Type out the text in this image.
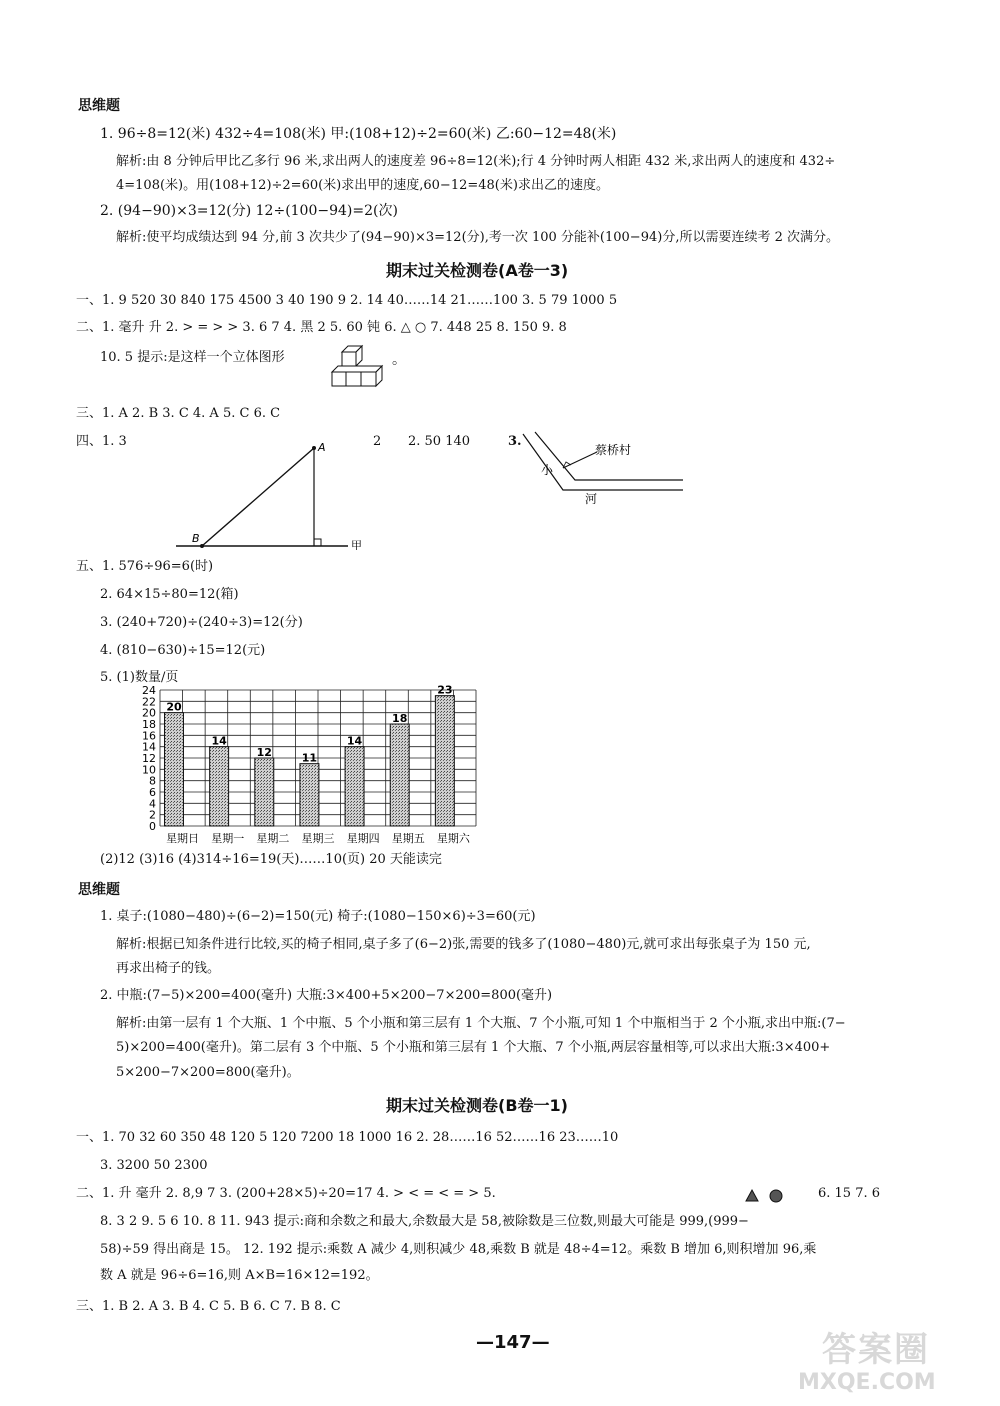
思维题
1. 96÷8=12(米) 432÷4=108(米) 甲:(108+12)÷2=60(米) 乙:60−12=48(米)
解析:由 8 分钟后甲比乙多行 96 米,求出两人的速度差 96÷8=12(米);行 4 分钟时两人相距 432 米,求出两人的速度和 432÷
4=108(米)。用(108+12)÷2=60(米)求出甲的速度,60−12=48(米)求出乙的速度。
2. (94−90)×3=12(分) 12÷(100−94)=2(次)
解析:使平均成绩达到 94 分,前 3 次共少了(94−90)×3=12(分),考一次 100 分能补(100−94)分,所以需要连续考 2 次满分。
期末过关检测卷(A卷一3)
一、1. 9 520 30 840 175 4500 3 40 190 9 2. 14 40……14 21……100 3. 5 79 1000 5
二、1. 毫升 升 2. > = > > 3. 6 7 4. 黑 2 5. 60 钝 6. △ ○ 7. 448 25 8. 150 9. 8
10. 5 提示:是这样一个立体图形	。
三、1. A 2. B 3. C 4. A 5. C 6. C
四、1. 3	A
B
甲
2 2. 50 140	3.
小
蔡桥村
河
五、1. 576÷96=6(时)
2. 64×15÷80=12(箱)
3. (240+720)÷(240÷3)=12(分)
4. (810−630)÷15=12(元)
5. (1)数量/页
0
2
4
6
8
10
12
14
16
18
20
22
24
20
星期日
14
星期一
12
星期二
11
星期三
14
星期四
18
星期五
23
星期六
(2)12 (3)16 (4)314÷16=19(天)……10(页) 20 天能读完
思维题
1. 桌子:(1080−480)÷(6−2)=150(元) 椅子:(1080−150×6)÷3=60(元)
解析:根据已知条件进行比较,买的椅子相同,桌子多了(6−2)张,需要的钱多了(1080−480)元,就可求出每张桌子为 150 元,
再求出椅子的钱。
2. 中瓶:(7−5)×200=400(毫升) 大瓶:3×400+5×200−7×200=800(毫升)
解析:由第一层有 1 个大瓶、1 个中瓶、5 个小瓶和第三层有 1 个大瓶、7 个小瓶,可知 1 个中瓶相当于 2 个小瓶,求出中瓶:(7−
5)×200=400(毫升)。第二层有 3 个中瓶、5 个小瓶和第三层有 1 个大瓶、7 个小瓶,两层容量相等,可以求出大瓶:3×400+
5×200−7×200=800(毫升)。
期末过关检测卷(B卷一1)
一、1. 70 32 60 350 48 120 5 120 7200 18 1000 16 2. 28……16 52……16 23……10
3. 3200 50 2300
二、1. 升 毫升 2. 8,9 7 3. (200+28×5)÷20=17 4. > < = < = > 5.	6. 15 7. 6
8. 3 2 9. 5 6 10. 8 11. 943 提示:商和余数之和最大,余数最大是 58,被除数是三位数,则最大可能是 999,(999−
58)÷59 得出商是 15。 12. 192 提示:乘数 A 减少 4,则积减少 48,乘数 B 就是 48÷4=12。乘数 B 增加 6,则积增加 96,乘
数 A 就是 96÷6=16,则 A×B=16×12=192。
三、1. B 2. A 3. B 4. C 5. B 6. C 7. B 8. C
—147—	答案圈
MXQE.COM
